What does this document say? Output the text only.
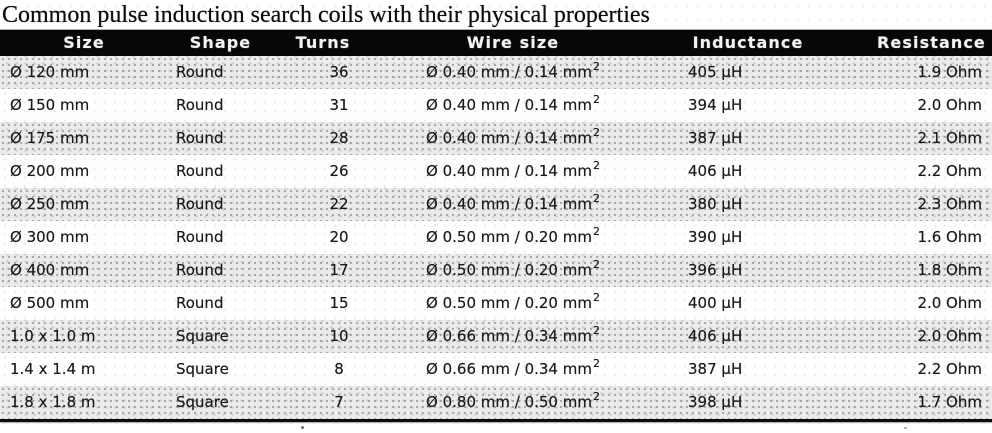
Common pulse induction search coils with their physical properties
Size	Shape	Turns	Wire size	Inductance	Resistance
Ø 120 mm	Round	36	Ø 0.40 mm / 0.14 $mm^2$	405 µH	1.9 Ohm
Ø 150 mm	Round	31	Ø 0.40 mm / 0.14 $mm^2$	394 µH	2.0 Ohm
Ø 175 mm	Round	28	Ø 0.40 mm / 0.14 $mm^2$	387 µH	2.1 Ohm
Ø 200 mm	Round	26	Ø 0.40 mm / 0.14 $mm^2$	406 µH	2.2 Ohm
Ø 250 mm	Round	22	Ø 0.40 mm / 0.14 $mm^2$	380 µH	2.3 Ohm
Ø 300 mm	Round	20	Ø 0.50 mm / 0.20 $mm^2$	390 µH	1.6 Ohm
Ø 400 mm	Round	17	Ø 0.50 mm / 0.20 $mm^2$	396 µH	1.8 Ohm
Ø 500 mm	Round	15	Ø 0.50 mm / 0.20 $mm^2$	400 µH	2.0 Ohm
1.0 x 1.0 m	Square	10	Ø 0.66 mm / 0.34 $mm^2$	406 µH	2.0 Ohm
1.4 x 1.4 m	Square	8	Ø 0.66 mm / 0.34 $mm^2$	387 µH	2.2 Ohm
1.8 x 1.8 m	Square	7	Ø 0.80 mm / 0.50 $mm^2$	398 µH	1.7 Ohm
